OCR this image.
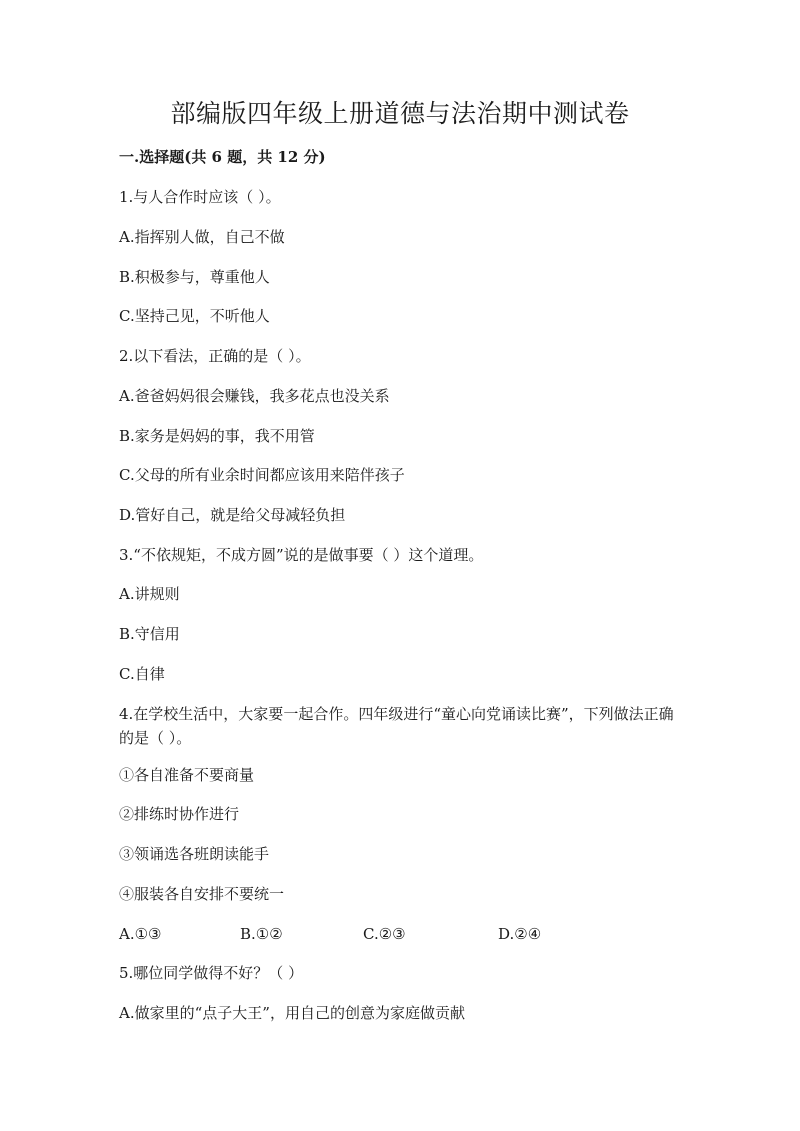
部编版四年级上册道德与法治期中测试卷
一.选择题(共 6 题，共 12 分)
1.与人合作时应该（ ）。
A.指挥别人做，自己不做
B.积极参与，尊重他人
C.坚持己见，不听他人
2.以下看法，正确的是（ ）。
A.爸爸妈妈很会赚钱，我多花点也没关系
B.家务是妈妈的事，我不用管
C.父母的所有业余时间都应该用来陪伴孩子
D.管好自己，就是给父母减轻负担
3.“不依规矩，不成方圆”说的是做事要（ ）这个道理。
A.讲规则
B.守信用
C.自律
4.在学校生活中，大家要一起合作。四年级进行“童心向党诵读比赛”，下列做法正确的是（ ）。
①各自准备不要商量
②排练时协作进行
③领诵选各班朗读能手
④服装各自安排不要统一
A.①③	B.①②	C.②③	D.②④
5.哪位同学做得不好？（ ）
A.做家里的“点子大王”，用自己的创意为家庭做贡献
